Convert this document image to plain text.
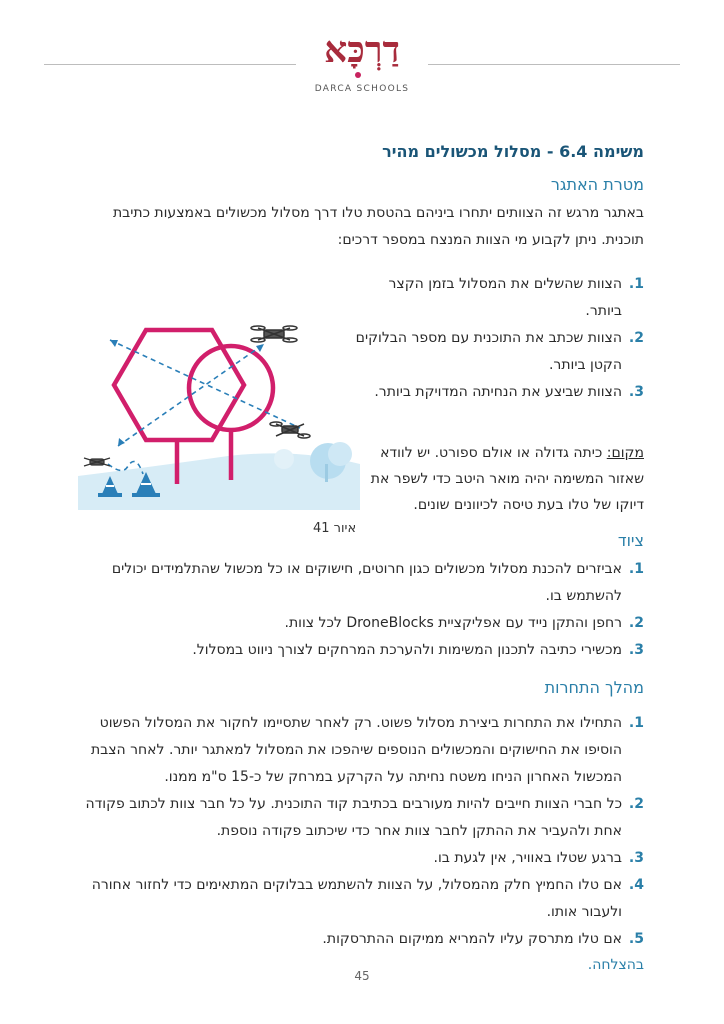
דַרְכָּא
DARCA SCHOOLS
משימה 6.4 - מסלול מכשולים מהיר
מטרת האתגר
באתגר מרגש זה הצוותים יתחרו ביניהם בהטסת טלו דרך מסלול מכשולים באמצעות כתיבת תוכנית. ניתן לקבוע מי הצוות המנצח במספר דרכים:
1.
הצוות שהשלים את המסלול בזמן הקצר ביותר.
2.
הצוות שכתב את התוכנית עם מספר הבלוקים הקטן ביותר.
3.
הצוות שביצע את הנחיתה המדויקת ביותר.
מקום: כיתה גדולה או אולם ספורט. יש לוודא שאזור המשימה יהיה מואר היטב כדי לשפר את דיוקו של טלו בעת טיסה לכיוונים שונים.
איור 41
ציוד
1.
אביזרים להכנת מסלול מכשולים כגון חרוטים, חישוקים או כל מכשול שהתלמידים יכולים להשתמש בו.
2.
רחפן והתקן נייד עם אפליקציית DroneBlocks לכל צוות.
3.
מכשירי כתיבה לתכנון המשימות ולהערכת המרחקים לצורך ניווט במסלול.
מהלך התחרות
1.
התחילו את התחרות ביצירת מסלול פשוט. רק לאחר שתסיימו לחקור את המסלול הפשוט הוסיפו את החישוקים והמכשולים הנוספים שיהפכו את המסלול למאתגר יותר. לאחר הצבת המכשול האחרון הניחו משטח נחיתה על הקרקע במרחק של כ-15 ס"מ ממנו.
2.
כל חברי הצוות חייבים להיות מעורבים בכתיבת קוד התוכנית. על כל חבר צוות לכתוב פקודה אחת ולהעביר את ההתקן לחבר צוות אחר כדי שיכתוב פקודה נוספת.
3.
ברגע שטלו באוויר, אין לגעת בו.
4.
אם טלו החמיץ חלק מהמסלול, על הצוות להשתמש בבלוקים המתאימים כדי לחזור אחורה ולעבור אותו.
5.
אם טלו מתרסק עליו להמריא ממיקום ההתרסקות.
בהצלחה.
45
